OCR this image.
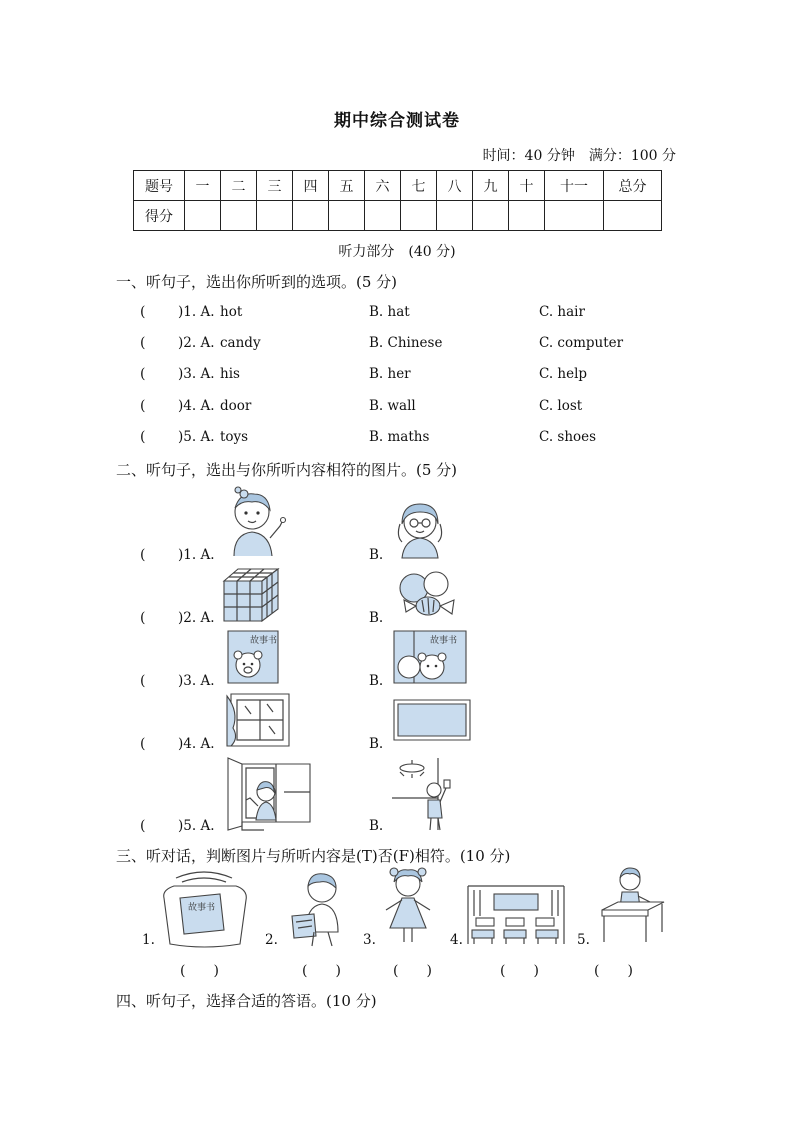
期中综合测试卷
时间：40 分钟　满分：100 分
题号	一	二	三	四	五	六	七	八	九	十	十一	总分
得分												
听力部分　(40 分)
一、听句子，选出你所听到的选项。(5 分)
( )1. A. hot	B. hat	C. hair
( )2. A. candy	B. Chinese	C. computer
( )3. A. his	B. her	C. help
( )4. A. door	B. wall	C. lost
( )5. A. toys	B. maths	C. shoes
二、听句子，选出与你所听内容相符的图片。(5 分)
( )1. A.	B.
( )2. A.	B.
( )3. A.	B.
故事书	故事书
( )4. A.	B.
( )5. A.	B.
三、听对话，判断图片与所听内容是(T)否(F)相符。(10 分)
1.
故事书
2.	3.	4.	5.
(　　)	(　　)	(　　)	(　　)	(　　)
四、听句子，选择合适的答语。(10 分)
